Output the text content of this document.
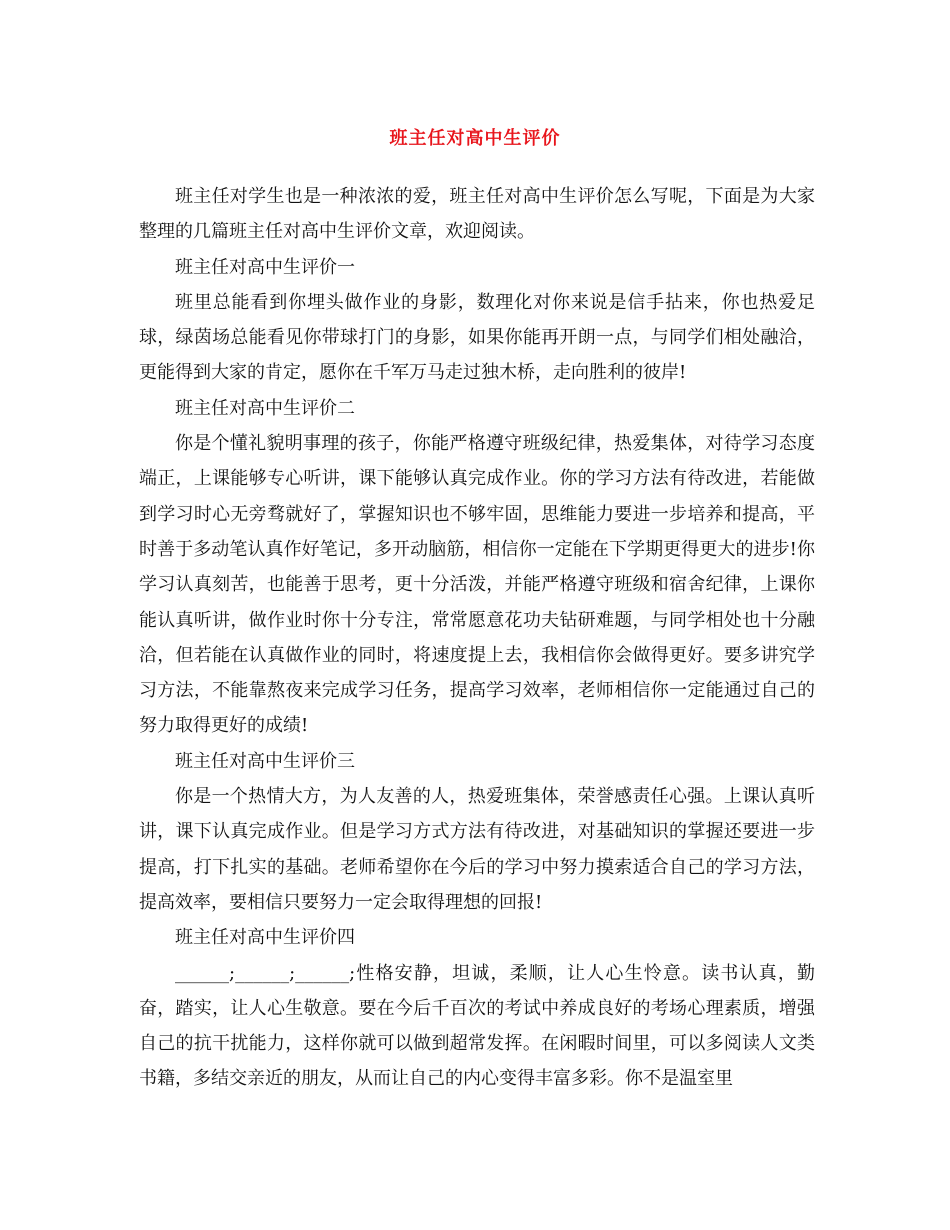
班主任对高中生评价

班主任对学生也是一种浓浓的爱，班主任对高中生评价怎么写呢，下面是为大家整理的几篇班主任对高中生评价文章，欢迎阅读。

班主任对高中生评价一

班里总能看到你埋头做作业的身影，数理化对你来说是信手拈来，你也热爱足球，绿茵场总能看见你带球打门的身影，如果你能再开朗一点，与同学们相处融洽，更能得到大家的肯定，愿你在千军万马走过独木桥，走向胜利的彼岸!

班主任对高中生评价二

你是个懂礼貌明事理的孩子，你能严格遵守班级纪律，热爱集体，对待学习态度端正，上课能够专心听讲，课下能够认真完成作业。你的学习方法有待改进，若能做到学习时心无旁骛就好了，掌握知识也不够牢固，思维能力要进一步培养和提高，平时善于多动笔认真作好笔记，多开动脑筋，相信你一定能在下学期更得更大的进步!你学习认真刻苦，也能善于思考，更十分活泼，并能严格遵守班级和宿舍纪律，上课你能认真听讲，做作业时你十分专注，常常愿意花功夫钻研难题，与同学相处也十分融洽，但若能在认真做作业的同时，将速度提上去，我相信你会做得更好。要多讲究学习方法，不能靠熬夜来完成学习任务，提高学习效率，老师相信你一定能通过自己的努力取得更好的成绩!

班主任对高中生评价三

你是一个热情大方，为人友善的人，热爱班集体，荣誉感责任心强。上课认真听讲，课下认真完成作业。但是学习方式方法有待改进，对基础知识的掌握还要进一步提高，打下扎实的基础。老师希望你在今后的学习中努力摸索适合自己的学习方法，提高效率，要相信只要努力一定会取得理想的回报!

班主任对高中生评价四

______;______;______;性格安静，坦诚，柔顺，让人心生怜意。读书认真，勤奋，踏实，让人心生敬意。要在今后千百次的考试中养成良好的考场心理素质，增强自己的抗干扰能力，这样你就可以做到超常发挥。在闲暇时间里，可以多阅读人文类书籍，多结交亲近的朋友，从而让自己的内心变得丰富多彩。你不是温室里
